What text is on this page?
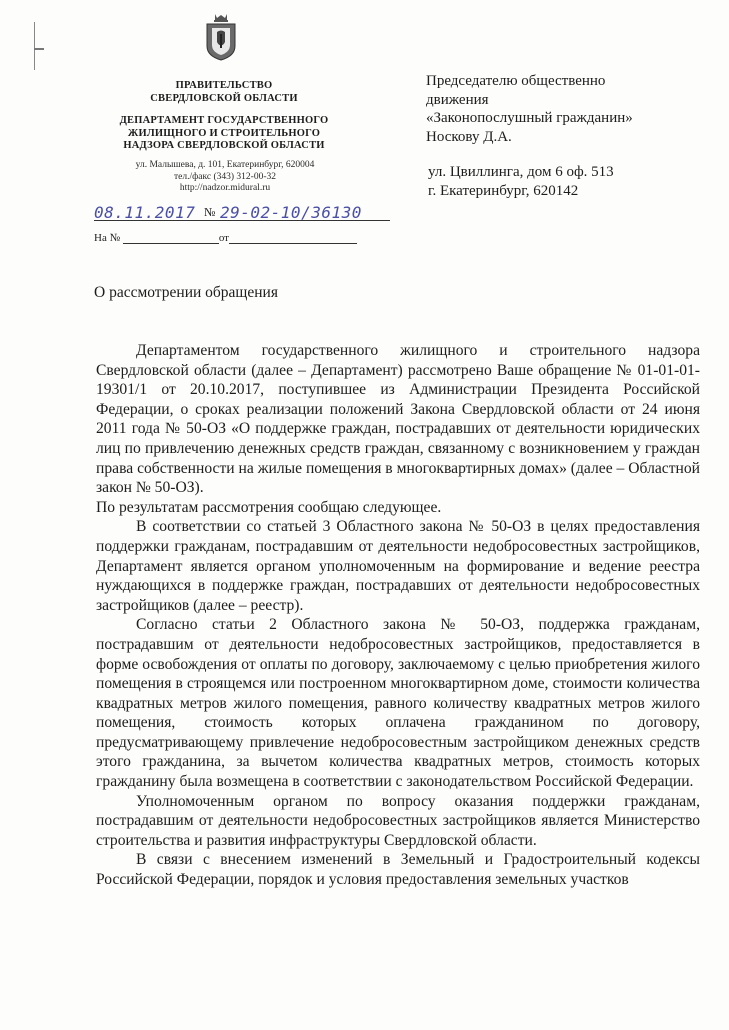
ПРАВИТЕЛЬСТВО
СВЕРДЛОВСКОЙ ОБЛАСТИ
ДЕПАРТАМЕНТ ГОСУДАРСТВЕННОГО
ЖИЛИЩНОГО И СТРОИТЕЛЬНОГО
НАДЗОРА СВЕРДЛОВСКОЙ ОБЛАСТИ
ул. Малышева, д. 101, Екатеринбург, 620004
тел./факс (343) 312-00-32
http://nadzor.midural.ru
08.11.2017 № 29-02-10/36130
На №	от
Председателю общественно
движения
«Законопослушный гражданин»
Носкову Д.А.
ул. Цвиллинга, дом 6 оф. 513
г. Екатеринбург, 620142
О рассмотрении обращения

Департаментом государственного жилищного и строительного надзора Свердловской области (далее – Департамент) рассмотрено Ваше обращение № 01-01-01-19301/1 от 20.10.2017, поступившее из Администрации Президента Российской Федерации, о сроках реализации положений Закона Свердловской области от 24 июня 2011 года № 50-ОЗ «О поддержке граждан, пострадавших от деятельности юридических лиц по привлечению денежных средств граждан, связанному с возникновением у граждан права собственности на жилые помещения в многоквартирных домах» (далее – Областной закон № 50-ОЗ).

По результатам рассмотрения сообщаю следующее.

В соответствии со статьей 3 Областного закона № 50-ОЗ в целях предоставления поддержки гражданам, пострадавшим от деятельности недобросовестных застройщиков, Департамент является органом уполномоченным на формирование и ведение реестра нуждающихся в поддержке граждан, пострадавших от деятельности недобросовестных застройщиков (далее – реестр).

Согласно статьи 2 Областного закона № 50-ОЗ, поддержка гражданам, пострадавшим от деятельности недобросовестных застройщиков, предоставляется в форме освобождения от оплаты по договору, заключаемому с целью приобретения жилого помещения в строящемся или построенном многоквартирном доме, стоимости количества квадратных метров жилого помещения, равного количеству квадратных метров жилого помещения, стоимость которых оплачена гражданином по договору, предусматривающему привлечение недобросовестным застройщиком денежных средств этого гражданина, за вычетом количества квадратных метров, стоимость которых гражданину была возмещена в соответствии с законодательством Российской Федерации.

Уполномоченным органом по вопросу оказания поддержки гражданам, пострадавшим от деятельности недобросовестных застройщиков является Министерство строительства и развития инфраструктуры Свердловской области.

В связи с внесением изменений в Земельный и Градостроительный кодексы Российской Федерации, порядок и условия предоставления земельных участков
